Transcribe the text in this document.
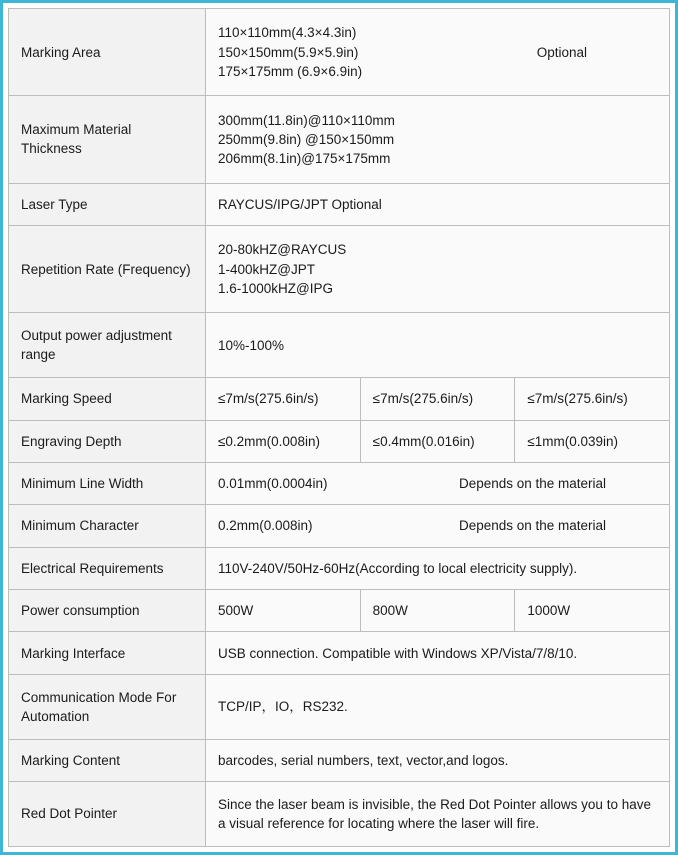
Marking Area	110×110mm(4.3×4.3in)
150×150mm(5.9×5.9in)
175×175mm (6.9×6.9in)
Optional		

Maximum Material Thickness	300mm(11.8in)@110×110mm
250mm(9.8in) @150×150mm
206mm(8.1in)@175×175mm		

Laser Type	RAYCUS/IPG/JPT Optional		
Repetition Rate (Frequency)	20-80kHZ@RAYCUS
1-400kHZ@JPT
1.6-1000kHZ@IPG		

Output power adjustment range	10%-100%		
Marking Speed	≤7m/s(275.6in/s)	≤7m/s(275.6in/s)	≤7m/s(275.6in/s)
Engraving Depth	≤0.2mm(0.008in)	≤0.4mm(0.016in)	≤1mm(0.039in)
Minimum Line Width	0.01mm(0.0004in) Depends on the material		

Minimum Character	0.2mm(0.008in) Depends on the material		

Electrical Requirements	110V-240V/50Hz-60Hz(According to local electricity supply).		
Power consumption	500W	800W	1000W
Marking Interface	USB connection. Compatible with Windows XP/Vista/7/8/10.		
Communication Mode For Automation	TCP/IP，IO，RS232.		
Marking Content	barcodes, serial numbers, text, vector,and logos.		
Red Dot Pointer	Since the laser beam is invisible, the Red Dot Pointer allows you to have a visual reference for locating where the laser will fire.		
